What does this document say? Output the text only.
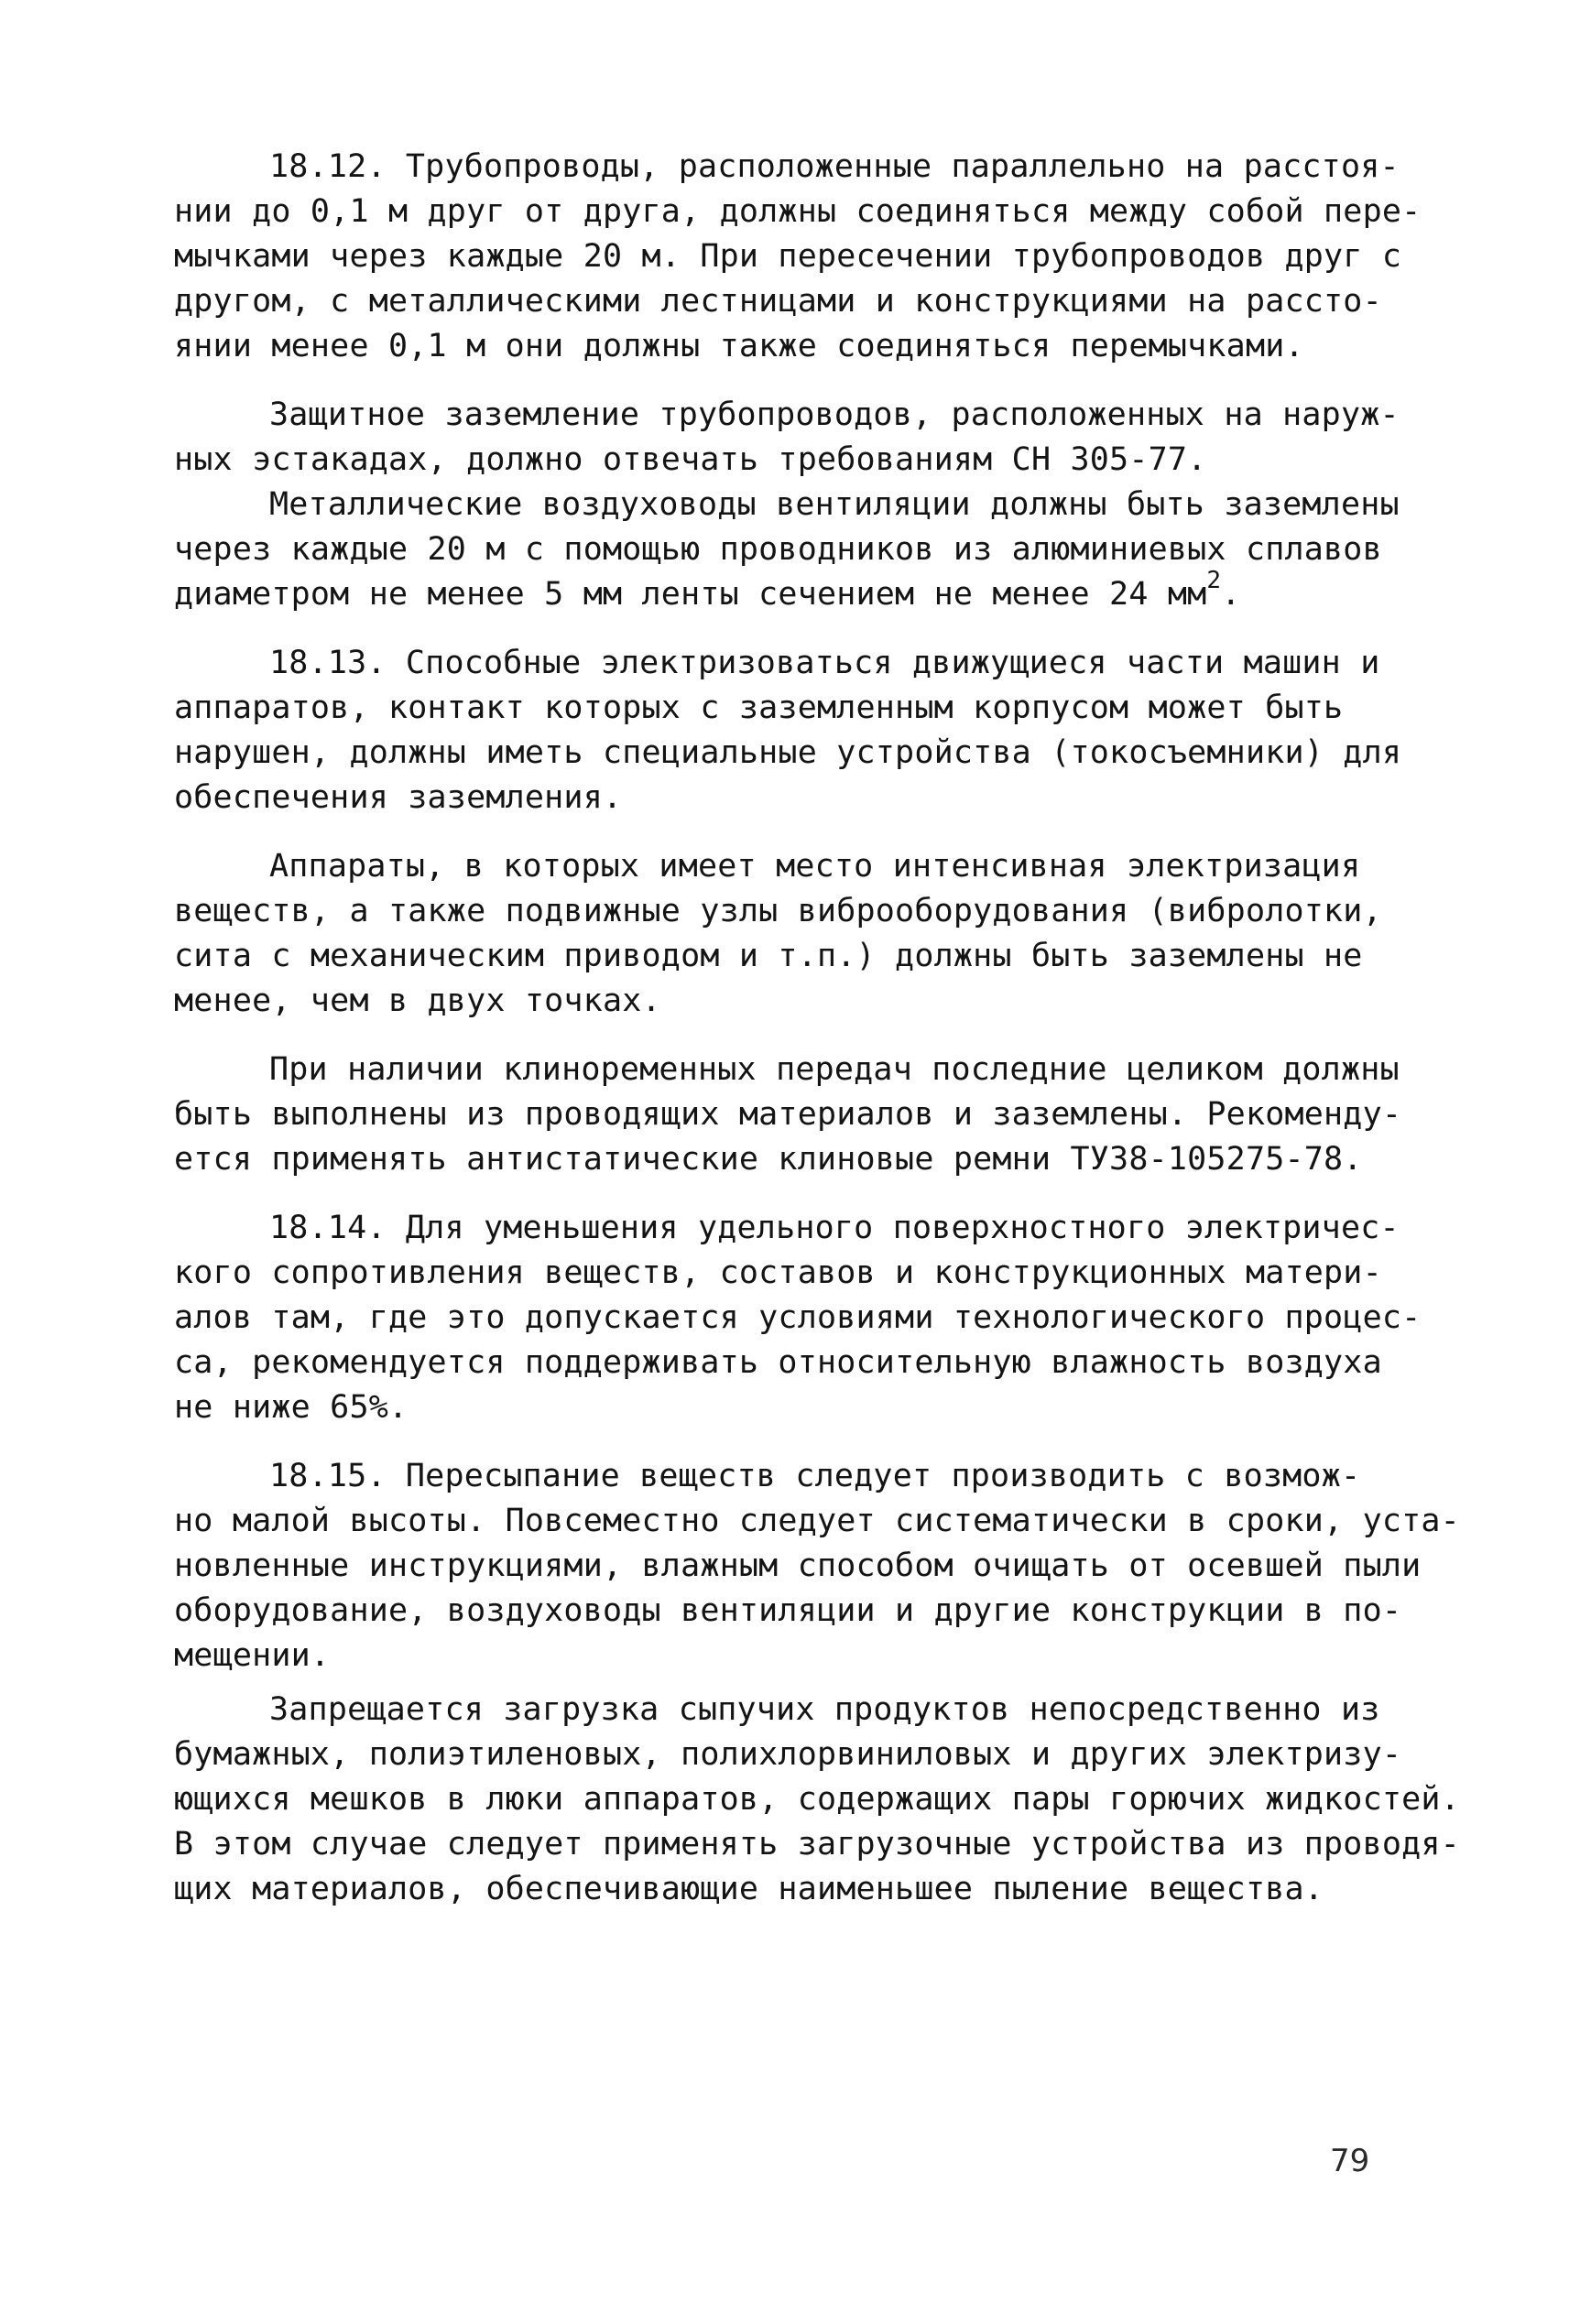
18.12. Трубопроводы, расположенные параллельно на расстоя-
нии до 0,1 м друг от друга, должны соединяться между собой пере-
мычками через каждые 20 м. При пересечении трубопроводов друг с
другом, с металлическими лестницами и конструкциями на рассто-
янии менее 0,1 м они должны также соединяться перемычками.
Защитное заземление трубопроводов, расположенных на наруж-
ных эстакадах, должно отвечать требованиям СН 305-77.
Металлические воздуховоды вентиляции должны быть заземлены
через каждые 20 м с помощью проводников из алюминиевых сплавов
диаметром не менее 5 мм ленты сечением не менее 24 $мм^2$.
18.13. Способные электризоваться движущиеся части машин и
аппаратов, контакт которых с заземленным корпусом может быть
нарушен, должны иметь специальные устройства (токосъемники) для
обеспечения заземления.
Аппараты, в которых имеет место интенсивная электризация
веществ, а также подвижные узлы виброоборудования (вибролотки,
сита с механическим приводом и т.п.) должны быть заземлены не
менее, чем в двух точках.
При наличии клиноременных передач последние целиком должны
быть выполнены из проводящих материалов и заземлены. Рекоменду-
ется применять антистатические клиновые ремни ТУ38-105275-78.
18.14. Для уменьшения удельного поверхностного электричес-
кого сопротивления веществ, составов и конструкционных матери-
алов там, где это допускается условиями технологического процес-
са, рекомендуется поддерживать относительную влажность воздуха
не ниже 65%.
18.15. Пересыпание веществ следует производить с возмож-
но малой высоты. Повсеместно следует систематически в сроки, уста-
новленные инструкциями, влажным способом очищать от осевшей пыли
оборудование, воздуховоды вентиляции и другие конструкции в по-
мещении.
Запрещается загрузка сыпучих продуктов непосредственно из
бумажных, полиэтиленовых, полихлорвиниловых и других электризу-
ющихся мешков в люки аппаратов, содержащих пары горючих жидкостей.
В этом случае следует применять загрузочные устройства из проводя-
щих материалов, обеспечивающие наименьшее пыление вещества.
79
